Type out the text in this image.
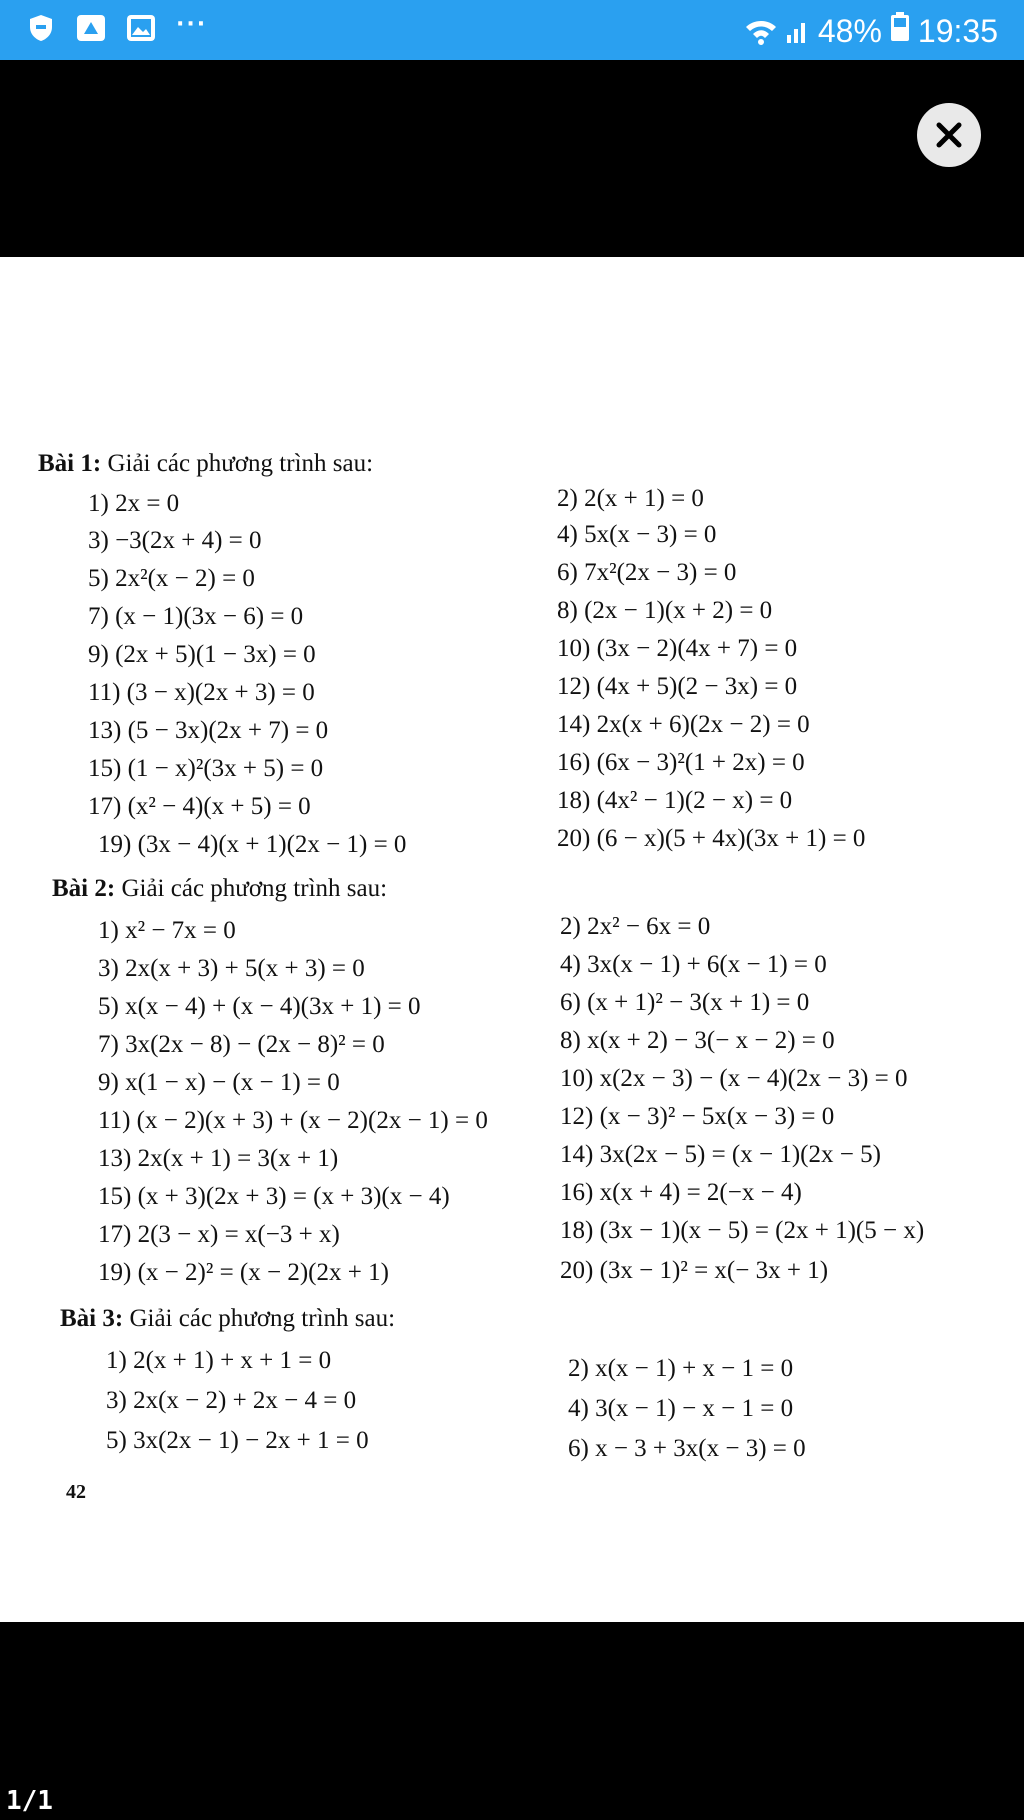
···	48% 19:35
Bài 1: Giải các phương trình sau:
1) 2x = 0	2) 2(x + 1) = 0
3) −3(2x + 4) = 0	4) 5x(x − 3) = 0
5) 2x²(x − 2) = 0	6) 7x²(2x − 3) = 0
7) (x − 1)(3x − 6) = 0	8) (2x − 1)(x + 2) = 0
9) (2x + 5)(1 − 3x) = 0	10) (3x − 2)(4x + 7) = 0
11) (3 − x)(2x + 3) = 0	12) (4x + 5)(2 − 3x) = 0
13) (5 − 3x)(2x + 7) = 0	14) 2x(x + 6)(2x − 2) = 0
15) (1 − x)²(3x + 5) = 0	16) (6x − 3)²(1 + 2x) = 0
17) (x² − 4)(x + 5) = 0	18) (4x² − 1)(2 − x) = 0
19) (3x − 4)(x + 1)(2x − 1) = 0	20) (6 − x)(5 + 4x)(3x + 1) = 0
Bài 2: Giải các phương trình sau:
1) x² − 7x = 0	2) 2x² − 6x = 0
3) 2x(x + 3) + 5(x + 3) = 0	4) 3x(x − 1) + 6(x − 1) = 0
5) x(x − 4) + (x − 4)(3x + 1) = 0	6) (x + 1)² − 3(x + 1) = 0
7) 3x(2x − 8) − (2x − 8)² = 0	8) x(x + 2) − 3(− x − 2) = 0
9) x(1 − x) − (x − 1) = 0	10) x(2x − 3) − (x − 4)(2x − 3) = 0
11) (x − 2)(x + 3) + (x − 2)(2x − 1) = 0	12) (x − 3)² − 5x(x − 3) = 0
13) 2x(x + 1) = 3(x + 1)	14) 3x(2x − 5) = (x − 1)(2x − 5)
15) (x + 3)(2x + 3) = (x + 3)(x − 4)	16) x(x + 4) = 2(−x − 4)
17) 2(3 − x) = x(−3 + x)	18) (3x − 1)(x − 5) = (2x + 1)(5 − x)
19) (x − 2)² = (x − 2)(2x + 1)	20) (3x − 1)² = x(− 3x + 1)
Bài 3: Giải các phương trình sau:
1) 2(x + 1) + x + 1 = 0	2) x(x − 1) + x − 1 = 0
3) 2x(x − 2) + 2x − 4 = 0	4) 3(x − 1) − x − 1 = 0
5) 3x(2x − 1) − 2x + 1 = 0	6) x − 3 + 3x(x − 3) = 0
42
1/1
